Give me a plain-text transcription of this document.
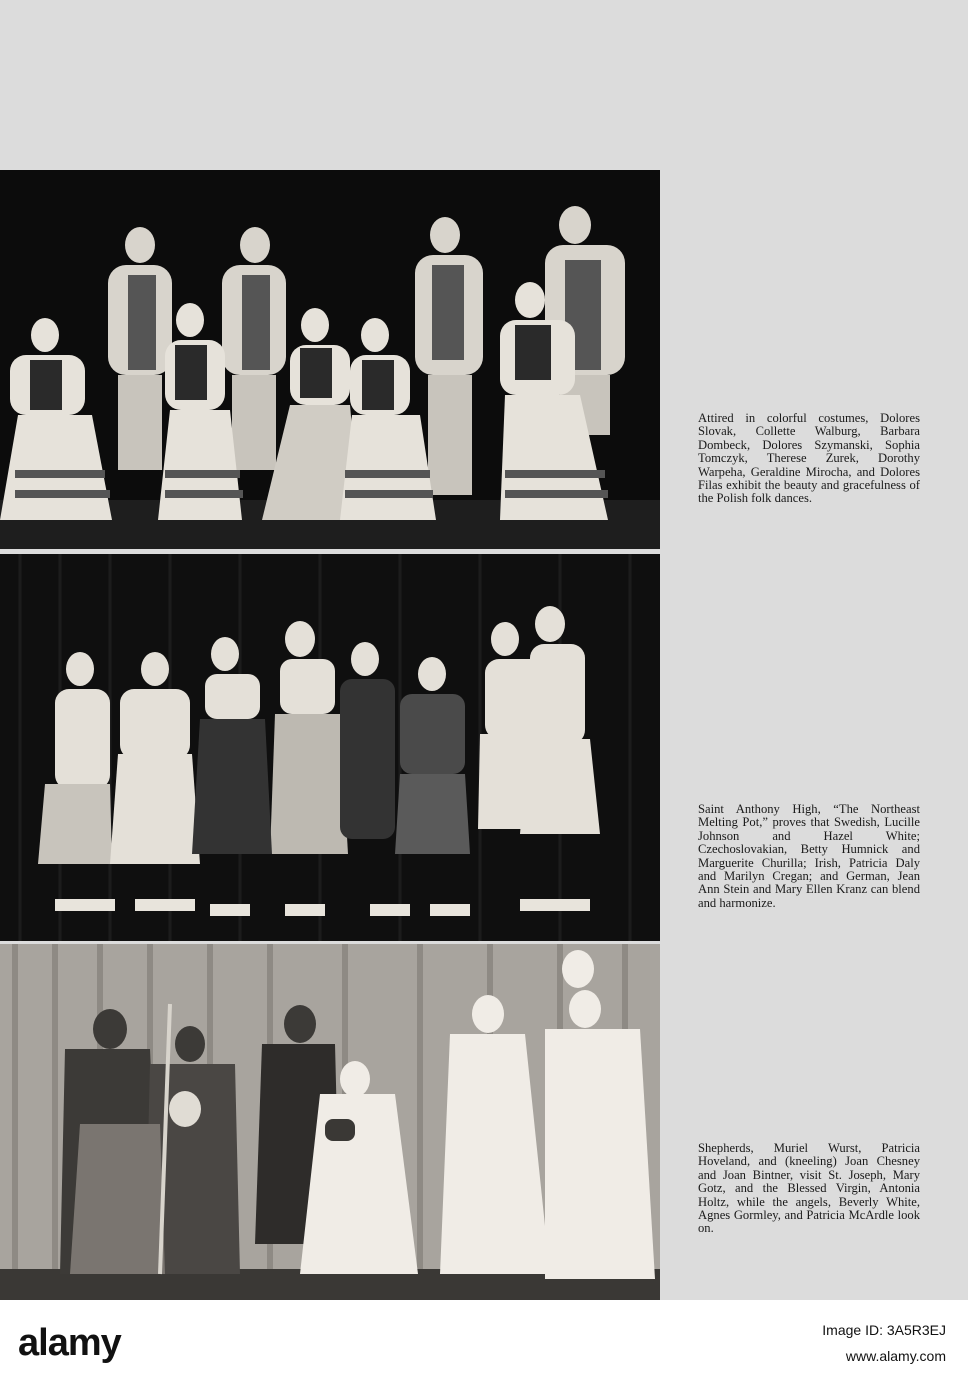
Attired in colorful costumes, Dolores Slovak, Collette Walburg, Barbara Dombeck, Dolores Szymanski, Sophia Tomczyk, Therese Zurek, Dorothy Warpeha, Geraldine Mirocha, and Dolores Filas exhibit the beauty and gracefulness of the Polish folk dances.
Saint Anthony High, “The Northeast Melting Pot,” proves that Swedish, Lucille Johnson and Hazel White; Czechoslovakian, Betty Humnick and Marguerite Churilla; Irish, Patricia Daly and Marilyn Cregan; and German, Jean Ann Stein and Mary Ellen Kranz can blend and harmonize.
Shepherds, Muriel Wurst, Patricia Hoveland, and (kneeling) Joan Chesney and Joan Bintner, visit St. Joseph, Mary Gotz, and the Blessed Virgin, Antonia Holtz, while the angels, Beverly White, Agnes Gormley, and Patricia McArdle look on.
alamy	Image ID: 3A5R3EJ
www.alamy.com
